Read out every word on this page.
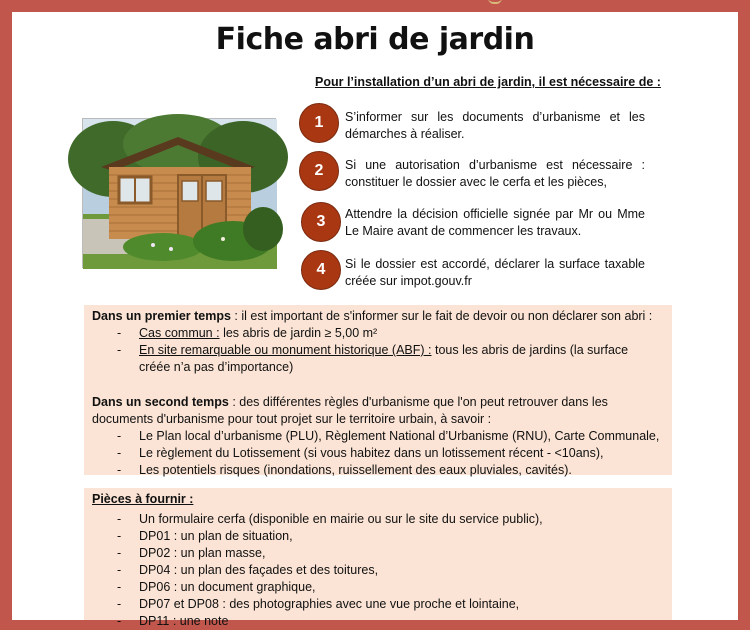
Fiche abri de jardin
Pour l’installation d’un abri de jardin, il est nécessaire de :
1	S’informer sur les documents d’urbanisme et les démarches à réaliser.
2	Si une autorisation d’urbanisme est nécessaire : constituer le dossier avec le cerfa et les pièces,
3	Attendre la décision officielle signée par Mr ou Mme Le Maire avant de commencer les travaux.
4	Si le dossier est accordé, déclarer la surface taxable créée sur impot.gouv.fr
Dans un premier temps : il est important de s'informer sur le fait de devoir ou non déclarer son abri :
- Cas commun : les abris de jardin ≥ 5,00 m²
- En site remarquable ou monument historique (ABF) : tous les abris de jardins (la surface créée n’a pas d’importance)
Dans un second temps : des différentes règles d'urbanisme que l'on peut retrouver dans les documents d'urbanisme pour tout projet sur le territoire urbain, à savoir :
- Le Plan local d’urbanisme (PLU), Règlement National d’Urbanisme (RNU), Carte Communale,
- Le règlement du Lotissement (si vous habitez dans un lotissement récent - <10ans),
- Les potentiels risques (inondations, ruissellement des eaux pluviales, cavités).
Pièces à fournir :
- Un formulaire cerfa (disponible en mairie ou sur le site du service public),
- DP01 : un plan de situation,
- DP02 : un plan masse,
- DP04 : un plan des façades et des toitures,
- DP06 : un document graphique,
- DP07 et DP08 : des photographies avec une vue proche et lointaine,
- DP11 : une note
